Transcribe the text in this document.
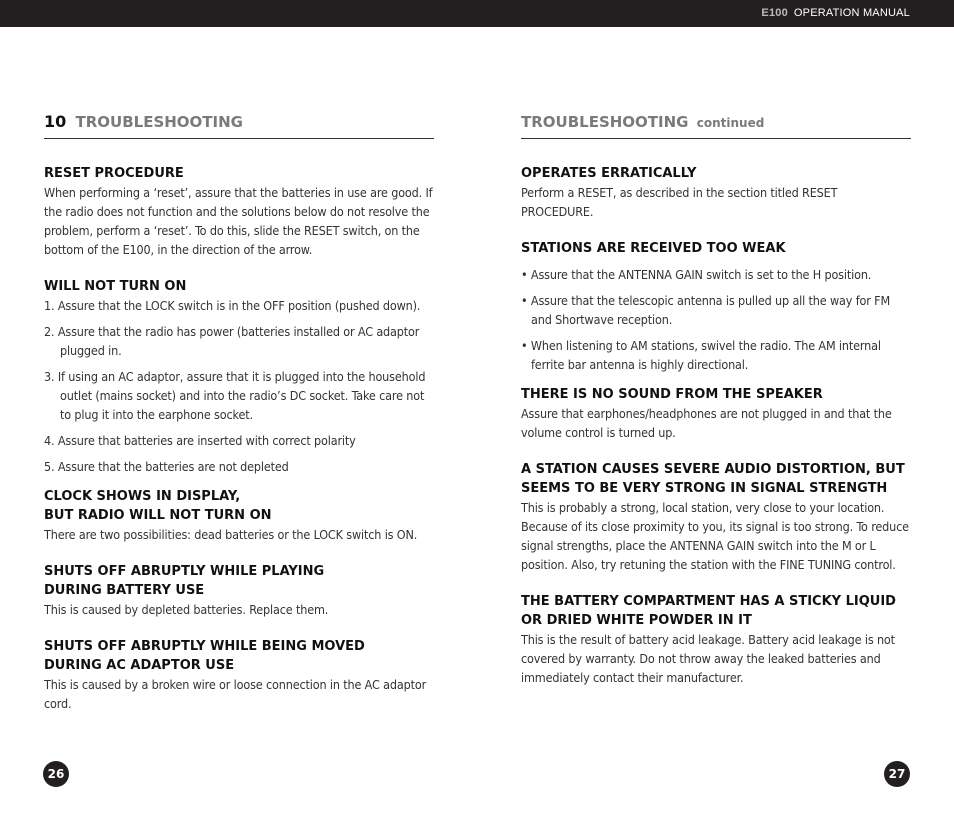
E100 OPERATION MANUAL
10 TROUBLESHOOTING
RESET PROCEDURE
When performing a ‘reset’, assure that the batteries in use are good. If the radio does not function and the solutions below do not resolve the problem, perform a ‘reset’. To do this, slide the RESET switch, on the bottom of the E100, in the direction of the arrow.
WILL NOT TURN ON
1. Assure that the LOCK switch is in the OFF position (pushed down).
2. Assure that the radio has power (batteries installed or AC adaptor plugged in.
3. If using an AC adaptor, assure that it is plugged into the household outlet (mains socket) and into the radio’s DC socket. Take care not to plug it into the earphone socket.
4. Assure that batteries are inserted with correct polarity
5. Assure that the batteries are not depleted
CLOCK SHOWS IN DISPLAY,
BUT RADIO WILL NOT TURN ON
There are two possibilities: dead batteries or the LOCK switch is ON.
SHUTS OFF ABRUPTLY WHILE PLAYING
DURING BATTERY USE
This is caused by depleted batteries. Replace them.
SHUTS OFF ABRUPTLY WHILE BEING MOVED
DURING AC ADAPTOR USE
This is caused by a broken wire or loose connection in the AC adaptor cord.
TROUBLESHOOTING continued
OPERATES ERRATICALLY
Perform a RESET, as described in the section titled RESET PROCEDURE.
STATIONS ARE RECEIVED TOO WEAK
• Assure that the ANTENNA GAIN switch is set to the H position.
• Assure that the telescopic antenna is pulled up all the way for FM and Shortwave reception.
• When listening to AM stations, swivel the radio. The AM internal ferrite bar antenna is highly directional.
THERE IS NO SOUND FROM THE SPEAKER
Assure that earphones/headphones are not plugged in and that the volume control is turned up.
A STATION CAUSES SEVERE AUDIO DISTORTION, BUT SEEMS TO BE VERY STRONG IN SIGNAL STRENGTH
This is probably a strong, local station, very close to your location. Because of its close proximity to you, its signal is too strong. To reduce signal strengths, place the ANTENNA GAIN switch into the M or L position. Also, try retuning the station with the FINE TUNING control.
THE BATTERY COMPARTMENT HAS A STICKY LIQUID OR DRIED WHITE POWDER IN IT
This is the result of battery acid leakage. Battery acid leakage is not covered by warranty. Do not throw away the leaked batteries and immediately contact their manufacturer.
26	27
